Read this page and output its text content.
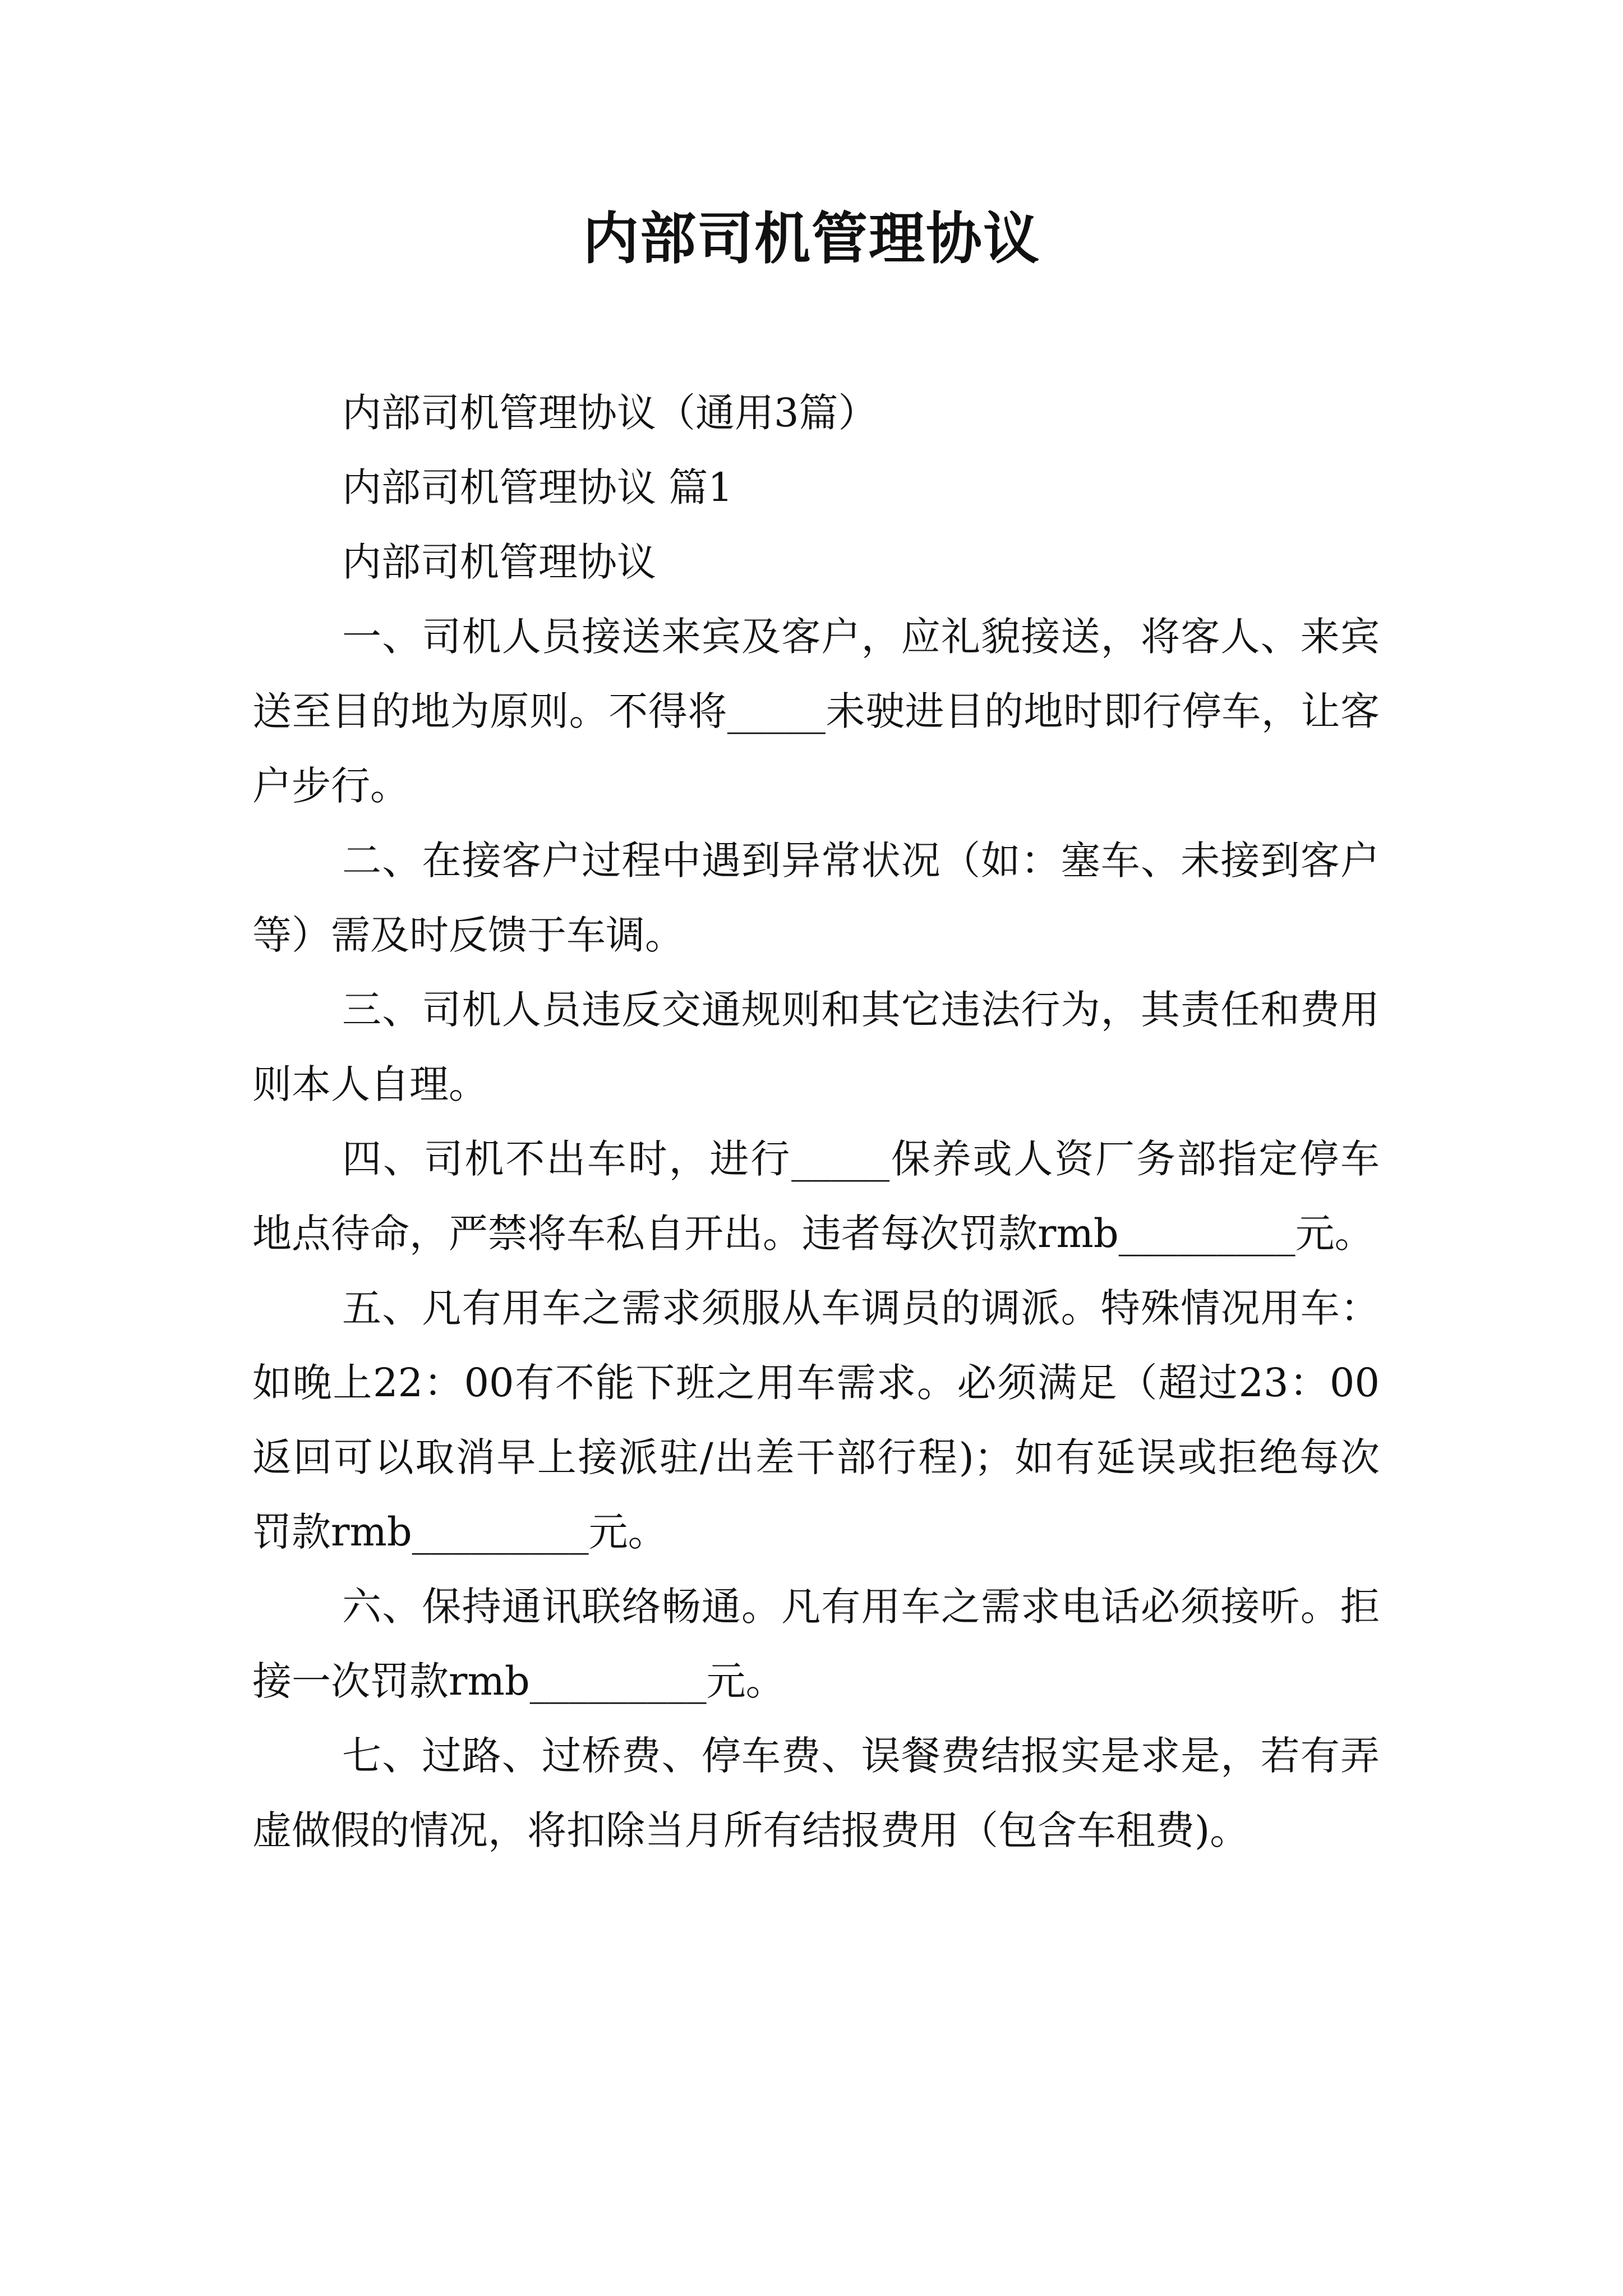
内部司机管理协议

内部司机管理协议（通用3篇）

内部司机管理协议 篇1

内部司机管理协议

一、司机人员接送来宾及客户，应礼貌接送，将客人、来宾送至目的地为原则。不得将_____未驶进目的地时即行停车，让客户步行。

二、在接客户过程中遇到异常状况（如：塞车、未接到客户等）需及时反馈于车调。

三、司机人员违反交通规则和其它违法行为，其责任和费用则本人自理。

四、司机不出车时，进行_____保养或人资厂务部指定停车地点待命，严禁将车私自开出。违者每次罚款rmb_________元。

五、凡有用车之需求须服从车调员的调派。特殊情况用车：如晚上22：00有不能下班之用车需求。必须满足（超过23：00返回可以取消早上接派驻/出差干部行程)；如有延误或拒绝每次罚款rmb_________元。

六、保持通讯联络畅通。凡有用车之需求电话必须接听。拒接一次罚款rmb_________元。

七、过路、过桥费、停车费、误餐费结报实是求是，若有弄虚做假的情况，将扣除当月所有结报费用（包含车租费)。
